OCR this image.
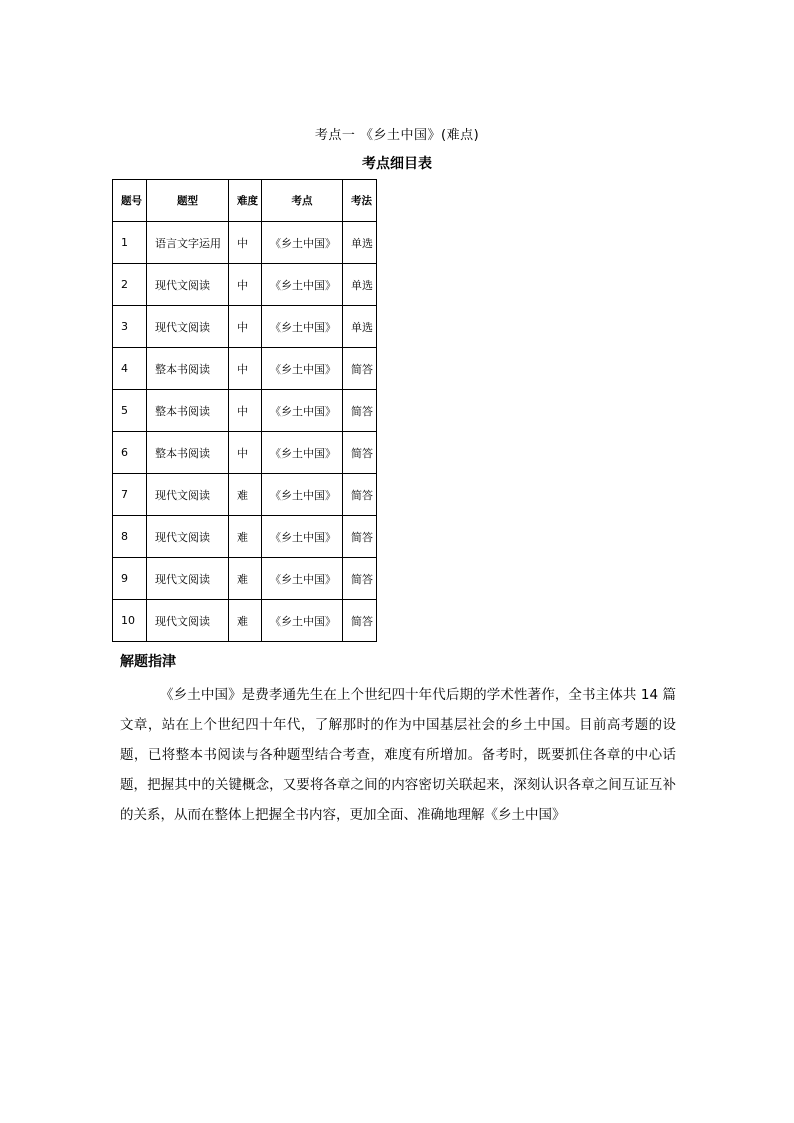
考点一 《乡土中国》(难点)
考点细目表
题号	题型	难度	考点	考法
1	语言文字运用	中	《乡土中国》	单选
2	现代文阅读	中	《乡土中国》	单选
3	现代文阅读	中	《乡土中国》	单选
4	整本书阅读	中	《乡土中国》	简答
5	整本书阅读	中	《乡土中国》	简答
6	整本书阅读	中	《乡土中国》	简答
7	现代文阅读	难	《乡土中国》	简答
8	现代文阅读	难	《乡土中国》	简答
9	现代文阅读	难	《乡土中国》	简答
10	现代文阅读	难	《乡土中国》	简答
解题指津

《乡土中国》是费孝通先生在上个世纪四十年代后期的学术性著作，全书主体共 14 篇文章，站在上个世纪四十年代，了解那时的作为中国基层社会的乡土中国。目前高考题的设题，已将整本书阅读与各种题型结合考查，难度有所增加。备考时，既要抓住各章的中心话题，把握其中的关键概念，又要将各章之间的内容密切关联起来，深刻认识各章之间互证互补的关系，从而在整体上把握全书内容，更加全面、准确地理解《乡土中国》
